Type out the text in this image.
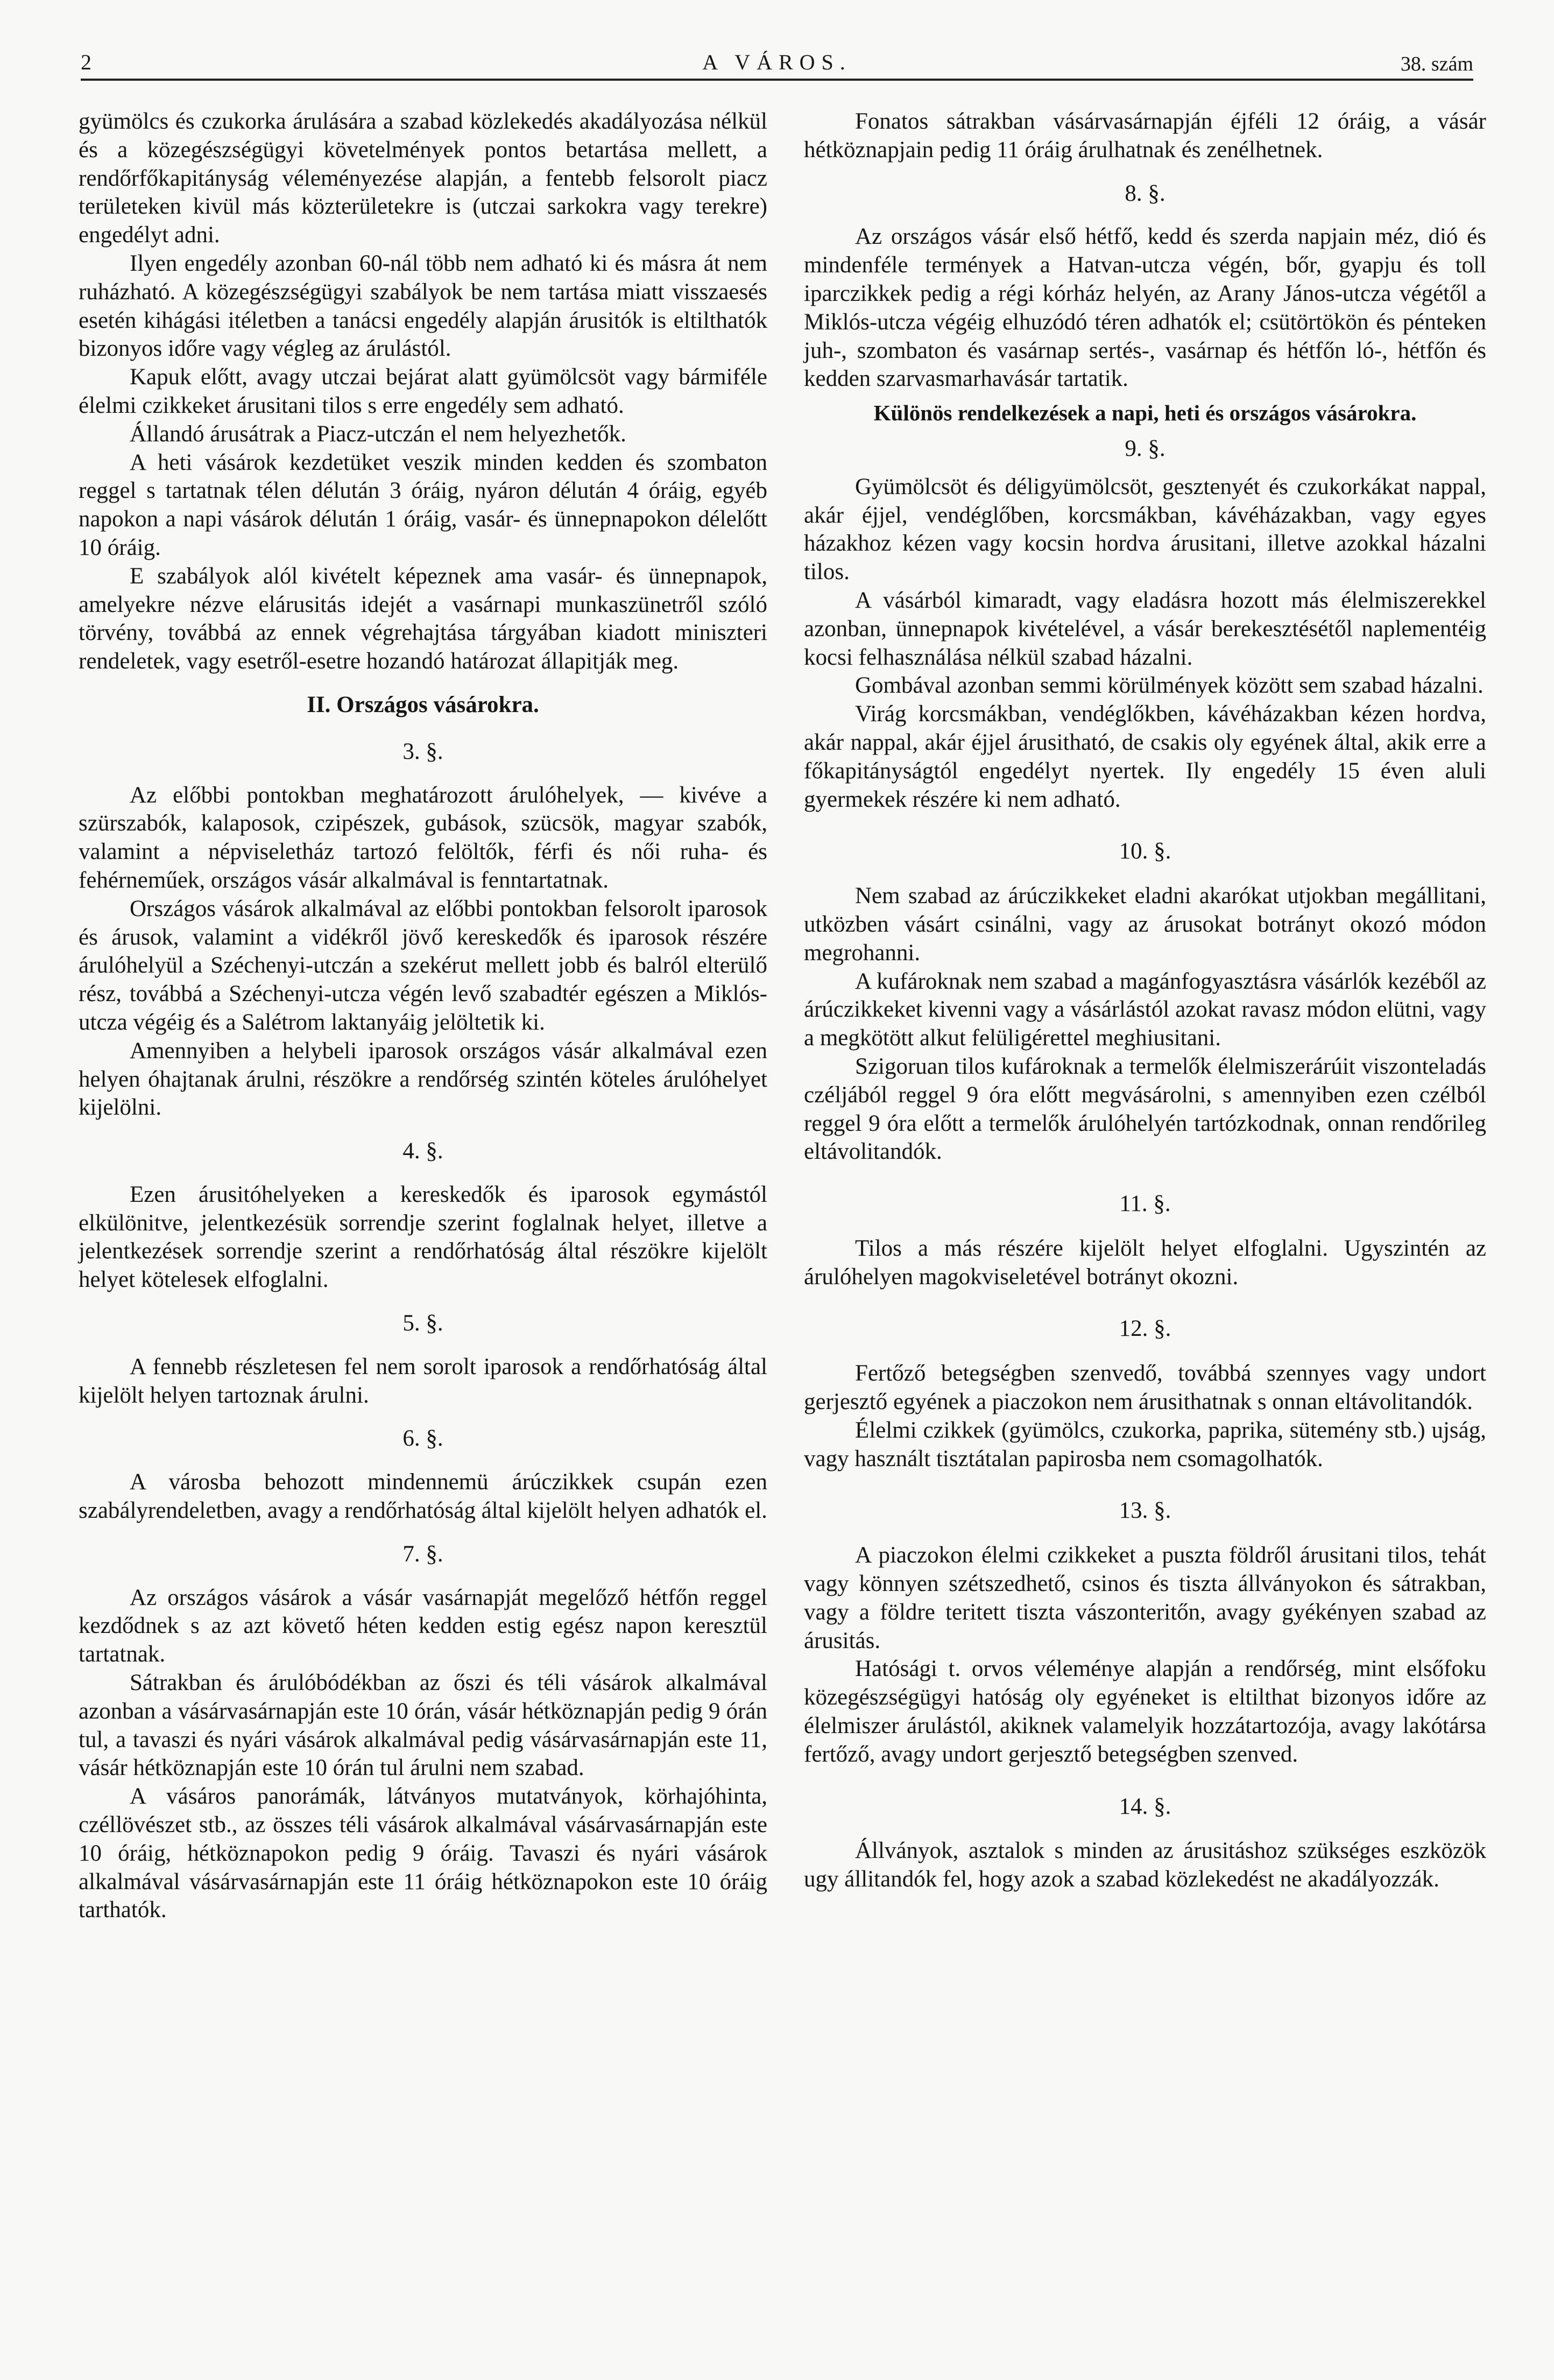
2	A VÁROS.	38. szám

gyümölcs és czukorka árulására a szabad közlekedés akadályozása nélkül és a közegészségügyi követelmények pontos betartása mellett, a rendőrfőkapitányság véleményezése alapján, a fentebb felsorolt piacz területeken kivül más közterületekre is (utczai sarkokra vagy terekre) engedélyt adni.

Ilyen engedély azonban 60-nál több nem adható ki és másra át nem ruházható. A közegészségügyi szabályok be nem tartása miatt visszaesés esetén kihágási itéletben a tanácsi engedély alapján árusitók is eltilthatók bizonyos időre vagy végleg az árulástól.

Kapuk előtt, avagy utczai bejárat alatt gyümölcsöt vagy bármiféle élelmi czikkeket árusitani tilos s erre engedély sem adható.

Állandó árusátrak a Piacz-utczán el nem helyezhetők.

A heti vásárok kezdetüket veszik minden kedden és szombaton reggel s tartatnak télen délután 3 óráig, nyáron délután 4 óráig, egyéb napokon a napi vásárok délután 1 óráig, vasár- és ünnepnapokon délelőtt 10 óráig.

E szabályok alól kivételt képeznek ama vasár- és ünnepnapok, amelyekre nézve elárusitás idejét a vasárnapi munkaszünetről szóló törvény, továbbá az ennek végrehajtása tárgyában kiadott miniszteri rendeletek, vagy esetről-esetre hozandó határozat állapitják meg.

II. Országos vásárokra.
3. §.

Az előbbi pontokban meghatározott árulóhelyek, — kivéve a szürszabók, kalaposok, czipészek, gubások, szücsök, magyar szabók, valamint a népviseletház tartozó felöltők, férfi és női ruha- és fehérneműek, országos vásár alkalmával is fenntartatnak.

Országos vásárok alkalmával az előbbi pontokban felsorolt iparosok és árusok, valamint a vidékről jövő kereskedők és iparosok részére árulóhelyül a Széchenyi-utczán a szekérut mellett jobb és balról elterülő rész, továbbá a Széchenyi-utcza végén levő szabadtér egészen a Miklós-utcza végéig és a Salétrom laktanyáig jelöltetik ki.

Amennyiben a helybeli iparosok országos vásár alkalmával ezen helyen óhajtanak árulni, részökre a rendőrség szintén köteles árulóhelyet kijelölni.

4. §.

Ezen árusitóhelyeken a kereskedők és iparosok egymástól elkülönitve, jelentkezésük sorrendje szerint foglalnak helyet, illetve a jelentkezések sorrendje szerint a rendőrhatóság által részökre kijelölt helyet kötelesek elfoglalni.

5. §.

A fennebb részletesen fel nem sorolt iparosok a rendőrhatóság által kijelölt helyen tartoznak árulni.

6. §.

A városba behozott mindennemü árúczikkek csupán ezen szabályrendeletben, avagy a rendőrhatóság által kijelölt helyen adhatók el.

7. §.

Az országos vásárok a vásár vasárnapját megelőző hétfőn reggel kezdődnek s az azt követő héten kedden estig egész napon keresztül tartatnak.

Sátrakban és árulóbódékban az őszi és téli vásárok alkalmával azonban a vásárvasárnapján este 10 órán, vásár hétköznapján pedig 9 órán tul, a tavaszi és nyári vásárok alkalmával pedig vásárvasárnapján este 11, vásár hétköznapján este 10 órán tul árulni nem szabad.

A vásáros panorámák, látványos mutatványok, körhajóhinta, czéllövészet stb., az összes téli vásárok alkalmával vásárvasárnapján este 10 óráig, hétköznapokon pedig 9 óráig. Tavaszi és nyári vásárok alkalmával vásárvasárnapján este 11 óráig hétköznapokon este 10 óráig tarthatók.

Fonatos sátrakban vásárvasárnapján éjféli 12 óráig, a vásár hétköznapjain pedig 11 óráig árulhatnak és zenélhetnek.

8. §.

Az országos vásár első hétfő, kedd és szerda napjain méz, dió és mindenféle termények a Hatvan-utcza végén, bőr, gyapju és toll iparczikkek pedig a régi kórház helyén, az Arany János-utcza végétől a Miklós-utcza végéig elhuzódó téren adhatók el; csütörtökön és pénteken juh-, szombaton és vasárnap sertés-, vasárnap és hétfőn ló-, hétfőn és kedden szarvasmarhavásár tartatik.

Különös rendelkezések a napi, heti és országos vásárokra.
9. §.

Gyümölcsöt és déligyümölcsöt, gesztenyét és czukorkákat nappal, akár éjjel, vendéglőben, korcsmákban, kávéházakban, vagy egyes házakhoz kézen vagy kocsin hordva árusitani, illetve azokkal házalni tilos.

A vásárból kimaradt, vagy eladásra hozott más élelmiszerekkel azonban, ünnepnapok kivételével, a vásár berekesztésétől naplementéig kocsi felhasználása nélkül szabad házalni.

Gombával azonban semmi körülmények között sem szabad házalni.

Virág korcsmákban, vendéglőkben, kávéházakban kézen hordva, akár nappal, akár éjjel árusitható, de csakis oly egyének által, akik erre a főkapitányságtól engedélyt nyertek. Ily engedély 15 éven aluli gyermekek részére ki nem adható.

10. §.

Nem szabad az árúczikkeket eladni akarókat utjokban megállitani, utközben vásárt csinálni, vagy az árusokat botrányt okozó módon megrohanni.

A kufároknak nem szabad a magánfogyasztásra vásárlók kezéből az árúczikkeket kivenni vagy a vásárlástól azokat ravasz módon elütni, vagy a megkötött alkut felüligérettel meghiusitani.

Szigoruan tilos kufároknak a termelők élelmiszerárúit viszonteladás czéljából reggel 9 óra előtt megvásárolni, s amennyiben ezen czélból reggel 9 óra előtt a termelők árulóhelyén tartózkodnak, onnan rendőrileg eltávolitandók.

11. §.

Tilos a más részére kijelölt helyet elfoglalni. Ugyszintén az árulóhelyen magokviseletével botrányt okozni.

12. §.

Fertőző betegségben szenvedő, továbbá szennyes vagy undort gerjesztő egyének a piaczokon nem árusithatnak s onnan eltávolitandók.

Élelmi czikkek (gyümölcs, czukorka, paprika, sütemény stb.) ujság, vagy használt tisztátalan papirosba nem csomagolhatók.

13. §.

A piaczokon élelmi czikkeket a puszta földről árusitani tilos, tehát vagy könnyen szétszedhető, csinos és tiszta állványokon és sátrakban, vagy a földre teritett tiszta vászonteritőn, avagy gyékényen szabad az árusitás.

Hatósági t. orvos véleménye alapján a rendőrség, mint elsőfoku közegészségügyi hatóság oly egyéneket is eltilthat bizonyos időre az élelmiszer árulástól, akiknek valamelyik hozzátartozója, avagy lakótársa fertőző, avagy undort gerjesztő betegségben szenved.

14. §.

Állványok, asztalok s minden az árusitáshoz szükséges eszközök ugy állitandók fel, hogy azok a szabad közlekedést ne akadályozzák.
